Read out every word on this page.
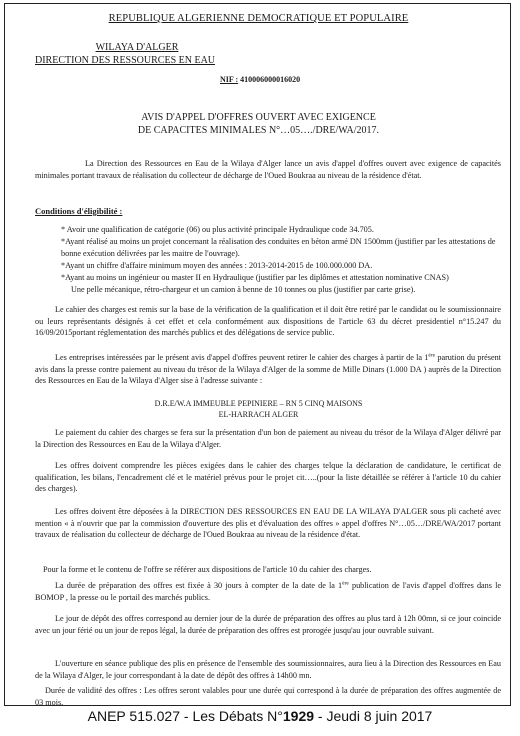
REPUBLIQUE ALGERIENNE DEMOCRATIQUE ET POPULAIRE
WILAYA D'ALGER
DIRECTION DES RESSOURCES EN EAU
NIF : 410006000016020
AVIS D'APPEL D'OFFRES OUVERT AVEC EXIGENCE
DE CAPACITES MINIMALES N°…05…./DRE/WA/2017.

La Direction des Ressources en Eau de la Wilaya d'Alger lance un avis d'appel d'offres ouvert avec exigence de capacités minimales portant travaux de réalisation du collecteur de décharge de l'Oued Boukraa au niveau de la résidence d'état.

Conditions d'éligibilité :
* Avoir une qualification de catégorie (06) ou plus activité principale Hydraulique code 34.705.
*Ayant réalisé au moins un projet concernant la réalisation des conduites en béton armé DN 1500mm (justifier par les attestations de bonne exécution délivrées par les maitre de l'ouvrage).
*Ayant un chiffre d'affaire minimum moyen des années : 2013-2014-2015 de 100.000.000 DA.
*Ayant au moins un ingénieur ou master II en Hydraulique (justifier par les diplômes et attestation nominative CNAS)
Une pelle mécanique, rétro-chargeur et un camion à benne de 10 tonnes ou plus (justifier par carte grise).

Le cahier des charges est remis sur la base de la vérification de la qualification et il doit être retiré par le candidat ou le soumissionnaire ou leurs représentants désignés à cet effet et cela conformément aux dispositions de l'article 63 du décret presidentiel n°15.247 du 16/09/2015portant réglementation des marchés publics et des délégations de service public.

Les entreprises intéressées par le présent avis d'appel d'offres peuvent retirer le cahier des charges à partir de la 1ère parution du présent avis dans la presse contre paiement au niveau du trésor de la Wilaya d'Alger de la somme de Mille Dinars (1.000 DA ) auprès de la Direction des Ressources en Eau de la Wilaya d'Alger sise à l'adresse suivante :

D.R.E/W.A IMMEUBLE PEPINIERE – RN 5 CINQ MAISONS
EL-HARRACH ALGER

Le paiement du cahier des charges se fera sur la présentation d'un bon de paiement au niveau du trésor de la Wilaya d'Alger délivré par la Direction des Ressources en Eau de la Wilaya d'Alger.

Les offres doivent comprendre les pièces exigées dans le cahier des charges telque la déclaration de candidature, le certificat de qualification, les bilans, l'encadrement clé et le matériel prévus pour le projet cit…..(pour la liste détaillée se référer à l'article 10 du cahier des charges).

Les offres doivent être déposées à la DIRECTION DES RESSOURCES EN EAU DE LA WILAYA D'ALGER sous pli cacheté avec mention « à n'ouvrir que par la commission d'ouverture des plis et d'évaluation des offres » appel d'offres N°…05…/DRE/WA/2017 portant travaux de réalisation du collecteur de décharge de l'Oued Boukraa au niveau de la résidence d'état.

Pour la forme et le contenu de l'offre se référer aux dispositions de l'article 10 du cahier des charges.

La durée de préparation des offres est fixée à 30 jours à compter de la date de la 1ère publication de l'avis d'appel d'offres dans le BOMOP , la presse ou le portail des marchés publics.

Le jour de dépôt des offres correspond au dernier jour de la durée de préparation des offres au plus tard à 12h 00mn, si ce jour coincide avec un jour férié ou un jour de repos légal, la durée de préparation des offres est prorogée jusqu'au jour ouvrable suivant.

L'ouverture en séance publique des plis en présence de l'ensemble des soumissionnaires, aura lieu à la Direction des Ressources en Eau de la Wilaya d'Alger, le jour correspondant à la date de dépôt des offres à 14h00 mn.

Durée de validité des offres : Les offres seront valables pour une durée qui correspond à la durée de préparation des offres augmentée de 03 mois.

ANEP 515.027 - Les Débats N°1929 - Jeudi 8 juin 2017
